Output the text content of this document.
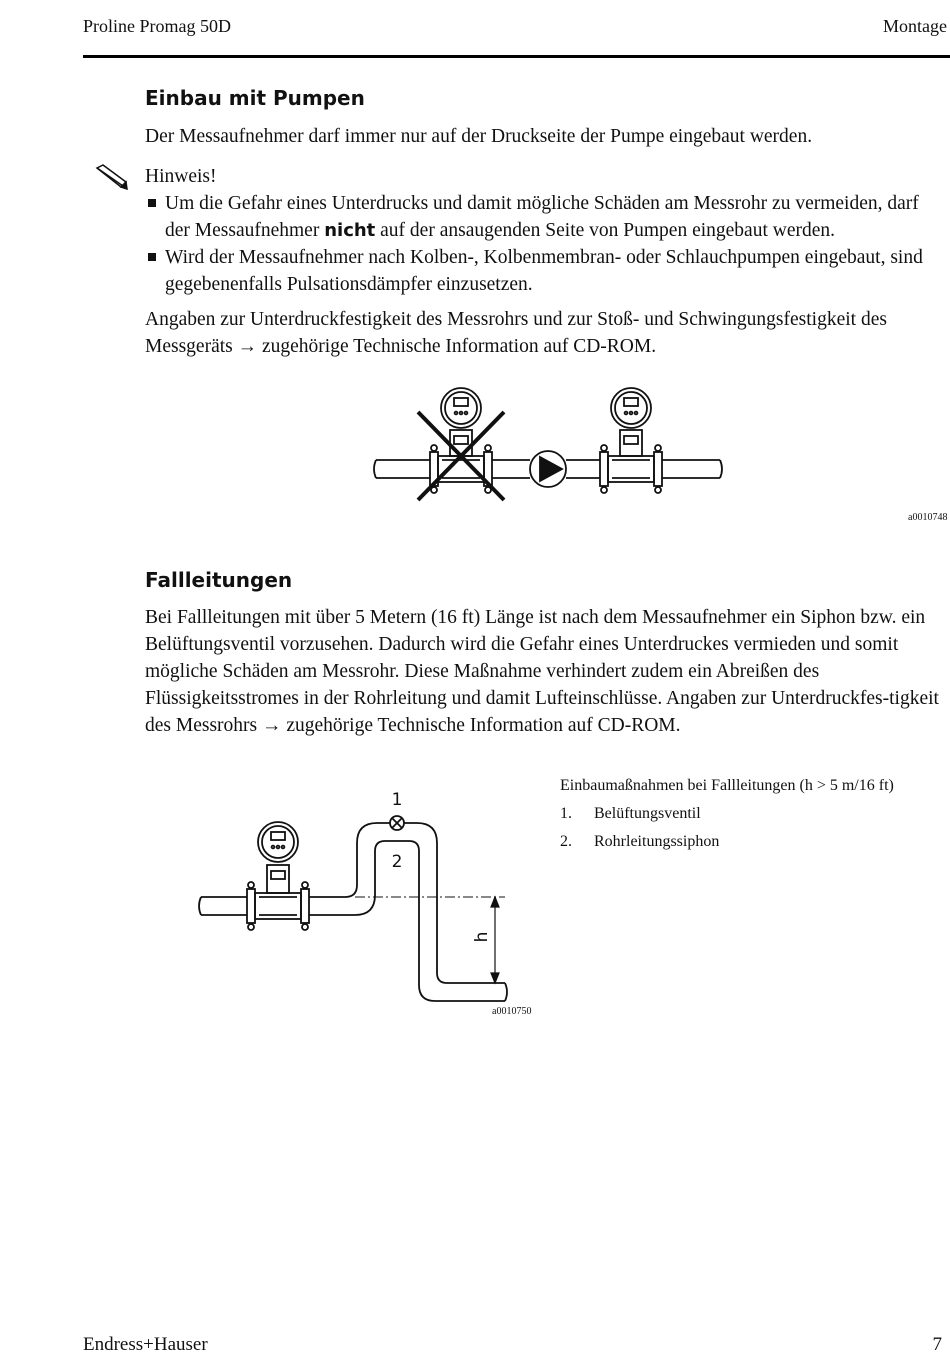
Proline Promag 50D	Montage
Einbau mit Pumpen
Der Messaufnehmer darf immer nur auf der Druckseite der Pumpe eingebaut werden.
Hinweis!
Um die Gefahr eines Unterdrucks und damit mögliche Schäden am Messrohr zu vermeiden, darf der Messaufnehmer nicht auf der ansaugenden Seite von Pumpen eingebaut werden.
Wird der Messaufnehmer nach Kolben-, Kolbenmembran- oder Schlauchpumpen eingebaut, sind gegebenenfalls Pulsationsdämpfer einzusetzen.
Angaben zur Unterdruckfestigkeit des Messrohrs und zur Stoß- und Schwingungsfestigkeit des Messgeräts → zugehörige Technische Information auf CD-ROM.
a0010748
Fallleitungen
Bei Fallleitungen mit über 5 Metern (16 ft) Länge ist nach dem Messaufnehmer ein Siphon bzw. ein Belüftungsventil vorzusehen. Dadurch wird die Gefahr eines Unterdruckes vermieden und somit mögliche Schäden am Messrohr. Diese Maßnahme verhindert zudem ein Abreißen des Flüssigkeitsstromes in der Rohrleitung und damit Lufteinschlüsse. Angaben zur Unterdruckfes-tigkeit des Messrohrs → zugehörige Technische Information auf CD-ROM.
1
2
h
a0010750
Einbaumaßnahmen bei Fallleitungen (h > 5 m/16 ft)
1. Belüftungsventil
2. Rohrleitungssiphon
Endress+Hauser	7
